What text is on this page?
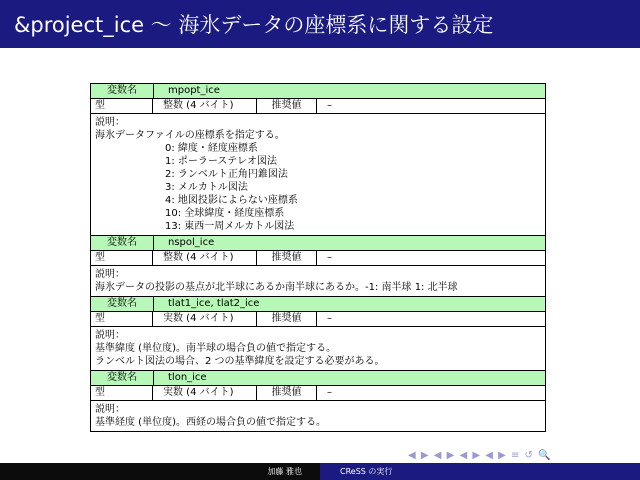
&project_ice 〜 海氷データの座標系に関する設定
変数名	mpopt_ice
型	整数 (4 バイト)	推奨値	–
説明：
海氷データファイルの座標系を指定する。
0: 緯度・経度座標系
1: ポーラーステレオ図法
2: ランベルト正角円錐図法
3: メルカトル図法
4: 地図投影によらない座標系
10: 全球緯度・経度座標系
13: 東西一周メルカトル図法
変数名	nspol_ice
型	整数 (4 バイト)	推奨値	–
説明：
海氷データの投影の基点が北半球にあるか南半球にあるか。-1: 南半球 1: 北半球
変数名	tlat1_ice, tlat2_ice
型	実数 (4 バイト)	推奨値	–
説明：
基準緯度 (単位度)。南半球の場合負の値で指定する。
ランベルト図法の場合、2 つの基準緯度を設定する必要がある。
変数名	tlon_ice
型	実数 (4 バイト)	推奨値	–
説明：
基準経度 (単位度)。西経の場合負の値で指定する。
◀ ▶ ◀ ▶ ◀ ▶ ◀ ▶ ≡ ↺ 🔍
加藤 雅也	CReSS の実行
